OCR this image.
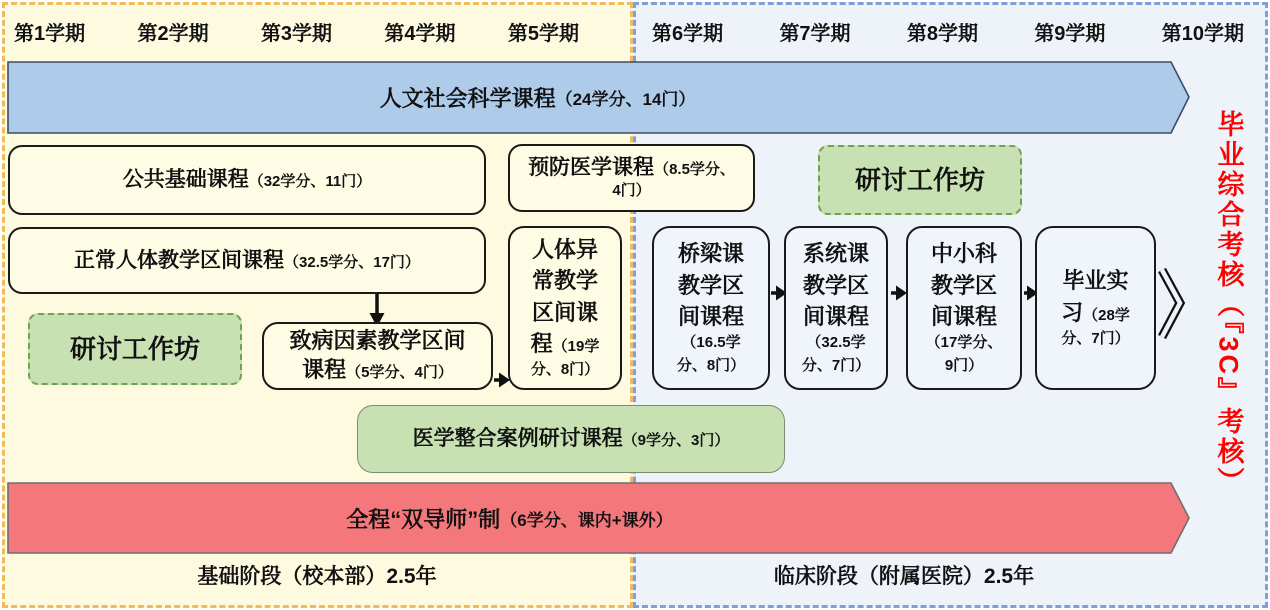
第1学期	第2学期	第3学期	第4学期	第5学期	第6学期	第7学期	第8学期	第9学期	第10学期
人文社会科学课程 （24学分、14门）
全程“双导师”制 （6学分、课内+课外）
公共基础课程（32学分、11门）
正常人体教学区间课程（32.5学分、17门）
研讨工作坊	致病因素教学区间课程（5学分、4门）
预防医学课程（8.5学分、4门）
人体异常教学区间课程（19学分、8门）
桥梁课教学区间课程（16.5学分、8门）
系统课教学区间课程（32.5学分、7门）
中小科教学区间课程（17学分、9门）
毕业实习（28学分、7门）
研讨工作坊
医学整合案例研讨课程（9学分、3门）
基础阶段（校本部）2.5年	临床阶段（附属医院）2.5年
毕业综合考核（『3C』考核）
